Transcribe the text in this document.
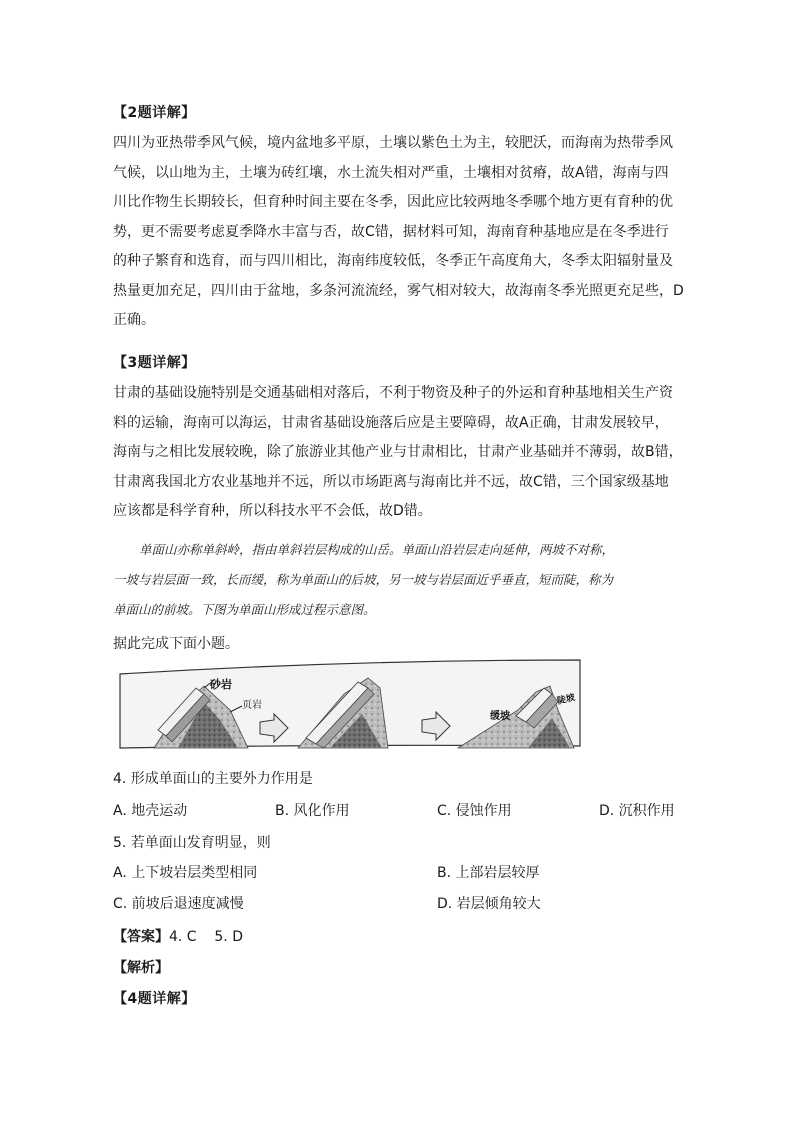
【2题详解】
四川为亚热带季风气候，境内盆地多平原，土壤以紫色土为主，较肥沃，而海南为热带季风
气候，以山地为主，土壤为砖红壤，水土流失相对严重，土壤相对贫瘠，故A错，海南与四
川比作物生长期较长，但育种时间主要在冬季，因此应比较两地冬季哪个地方更有育种的优
势，更不需要考虑夏季降水丰富与否，故C错，据材料可知，海南育种基地应是在冬季进行
的种子繁育和选育，而与四川相比，海南纬度较低，冬季正午高度角大，冬季太阳辐射量及
热量更加充足，四川由于盆地，多条河流流经，雾气相对较大，故海南冬季光照更充足些，D
正确。
【3题详解】
甘肃的基础设施特别是交通基础相对落后，不利于物资及种子的外运和育种基地相关生产资
料的运输，海南可以海运，甘肃省基础设施落后应是主要障碍，故A正确，甘肃发展较早，
海南与之相比发展较晚，除了旅游业其他产业与甘肃相比，甘肃产业基础并不薄弱，故B错，
甘肃离我国北方农业基地并不远，所以市场距离与海南比并不远，故C错，三个国家级基地
应该都是科学育种，所以科技水平不会低，故D错。
单面山亦称单斜岭，指由单斜岩层构成的山岳。单面山沿岩层走向延伸，两坡不对称，
一坡与岩层面一致，长而缓，称为单面山的后坡，另一坡与岩层面近乎垂直，短而陡，称为
单面山的前坡。下图为单面山形成过程示意图。
据此完成下面小题。
砂岩
页岩
缓坡
陡坡
4. 形成单面山的主要外力作用是
A. 地壳运动	B. 风化作用	C. 侵蚀作用	D. 沉积作用
5. 若单面山发育明显，则
A. 上下坡岩层类型相同	B. 上部岩层较厚
C. 前坡后退速度减慢	D. 岩层倾角较大
【答案】4. C    5. D
【解析】
【4题详解】
